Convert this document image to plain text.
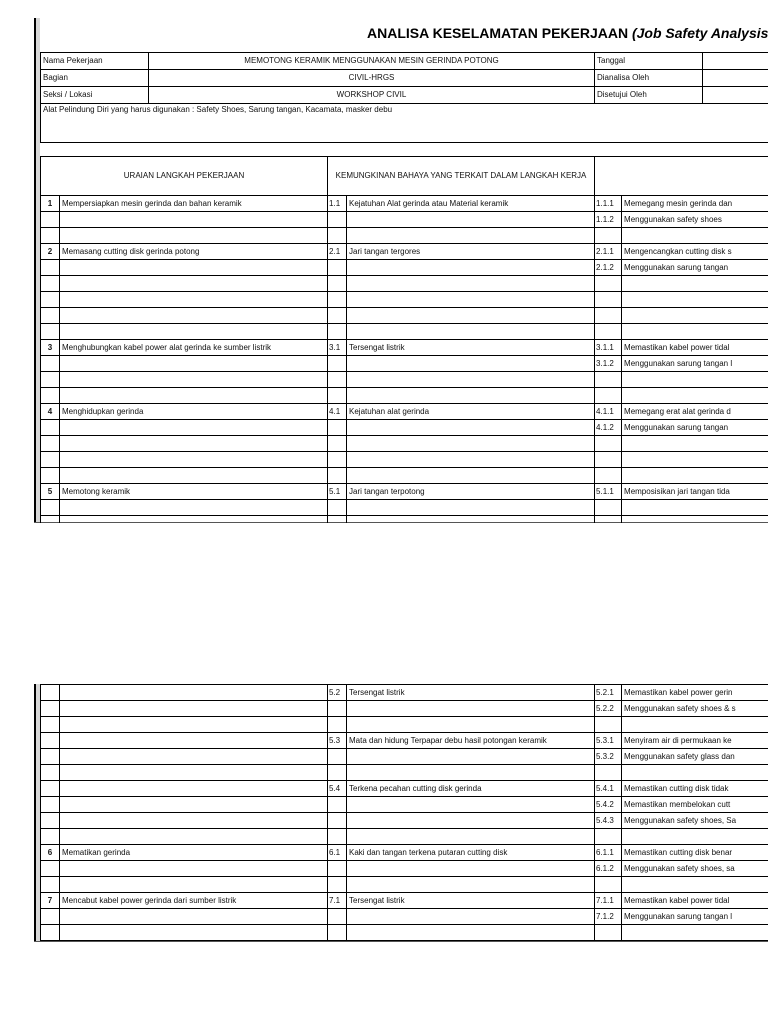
ANALISA KESELAMATAN PEKERJAAN (Job Safety Analysis
Nama Pekerjaan	MEMOTONG KERAMIK MENGGUNAKAN MESIN GERINDA POTONG	Tanggal	
Bagian	CIVIL-HRGS	Dianalisa Oleh	
Seksi / Lokasi	WORKSHOP CIVIL	Disetujui Oleh	
Alat Pelindung Diri yang harus digunakan : Safety Shoes, Sarung tangan, Kacamata, masker debu			
URAIAN LANGKAH PEKERJAAN		KEMUNGKINAN BAHAYA YANG TERKAIT DALAM LANGKAH KERJA			
1	Mempersiapkan mesin gerinda dan bahan keramik	1.1	Kejatuhan Alat gerinda atau Material keramik	1.1.1	Memegang mesin gerinda dan
				1.1.2	Menggunakan safety shoes

2	Memasang cutting disk gerinda potong	2.1	Jari tangan tergores	2.1.1	Mengencangkan cutting disk s
				2.1.2	Menggunakan sarung tangan

3	Menghubungkan kabel power alat gerinda ke sumber listrik	3.1	Tersengat listrik	3.1.1	Memastikan kabel power tidal
				3.1.2	Menggunakan sarung tangan l

4	Menghidupkan gerinda	4.1	Kejatuhan alat gerinda	4.1.1	Memegang erat alat gerinda d
				4.1.2	Menggunakan sarung tangan

5	Memotong keramik	5.1	Jari tangan terpotong	5.1.1	Memposisikan jari tangan tida

		5.2	Tersengat listrik	5.2.1	Memastikan kabel power gerin
				5.2.2	Menggunakan safety shoes & s

		5.3	Mata dan hidung Terpapar debu hasil potongan keramik	5.3.1	Menyiram air di permukaan ke
				5.3.2	Menggunakan safety glass dan

		5.4	Terkena pecahan cutting disk gerinda	5.4.1	Memastikan cutting disk tidak
				5.4.2	Memastikan membelokan cutt
				5.4.3	Menggunakan safety shoes, Sa

6	Mematikan gerinda	6.1	Kaki dan tangan terkena putaran cutting disk	6.1.1	Memastikan cutting disk benar
				6.1.2	Menggunakan safety shoes, sa

7	Mencabut kabel power gerinda dari sumber listrik	7.1	Tersengat listrik	7.1.1	Memastikan kabel power tidal
				7.1.2	Menggunakan sarung tangan l
